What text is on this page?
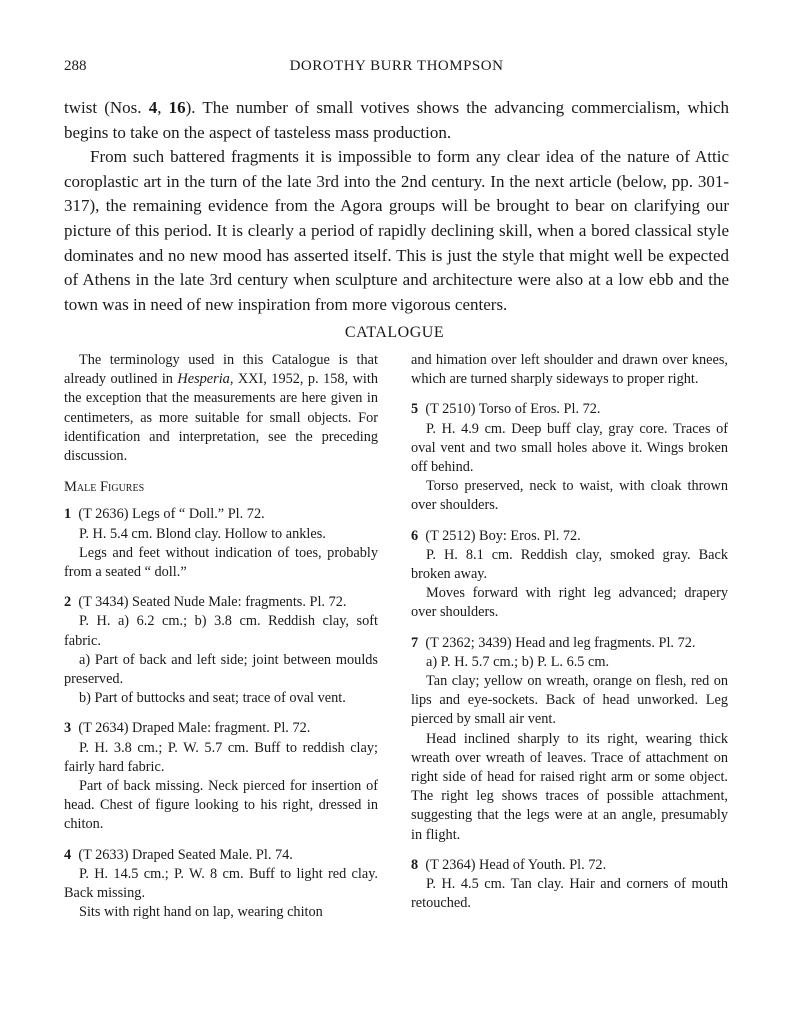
288	DOROTHY BURR THOMPSON

twist (Nos. 4, 16). The number of small votives shows the advancing commercialism, which begins to take on the aspect of tasteless mass production.

From such battered fragments it is impossible to form any clear idea of the nature of Attic coroplastic art in the turn of the late 3rd into the 2nd century. In the next article (below, pp. 301-317), the remaining evidence from the Agora groups will be brought to bear on clarifying our picture of this period. It is clearly a period of rapidly declining skill, when a bored classical style dominates and no new mood has asserted itself. This is just the style that might well be expected of Athens in the late 3rd century when sculpture and architecture were also at a low ebb and the town was in need of new inspiration from more vigorous centers.

CATALOGUE

The terminology used in this Catalogue is that already outlined in Hesperia, XXI, 1952, p. 158, with the exception that the measurements are here given in centimeters, as more suitable for small objects. For identification and interpretation, see the preceding discussion.

Male Figures

1 (T 2636) Legs of “ Doll.” Pl. 72.

P. H. 5.4 cm. Blond clay. Hollow to ankles.

Legs and feet without indication of toes, probably from a seated “ doll.”

2 (T 3434) Seated Nude Male: fragments. Pl. 72.

P. H. a) 6.2 cm.; b) 3.8 cm. Reddish clay, soft fabric.

a) Part of back and left side; joint between moulds preserved.

b) Part of buttocks and seat; trace of oval vent.

3 (T 2634) Draped Male: fragment. Pl. 72.

P. H. 3.8 cm.; P. W. 5.7 cm. Buff to reddish clay; fairly hard fabric.

Part of back missing. Neck pierced for insertion of head. Chest of figure looking to his right, dressed in chiton.

4 (T 2633) Draped Seated Male. Pl. 74.

P. H. 14.5 cm.; P. W. 8 cm. Buff to light red clay. Back missing.

Sits with right hand on lap, wearing chiton

and himation over left shoulder and drawn over knees, which are turned sharply sideways to proper right.

5 (T 2510) Torso of Eros. Pl. 72.

P. H. 4.9 cm. Deep buff clay, gray core. Traces of oval vent and two small holes above it. Wings broken off behind.

Torso preserved, neck to waist, with cloak thrown over shoulders.

6 (T 2512) Boy: Eros. Pl. 72.

P. H. 8.1 cm. Reddish clay, smoked gray. Back broken away.

Moves forward with right leg advanced; drapery over shoulders.

7 (T 2362; 3439) Head and leg fragments. Pl. 72.

a) P. H. 5.7 cm.; b) P. L. 6.5 cm.

Tan clay; yellow on wreath, orange on flesh, red on lips and eye-sockets. Back of head unworked. Leg pierced by small air vent.

Head inclined sharply to its right, wearing thick wreath over wreath of leaves. Trace of attachment on right side of head for raised right arm or some object. The right leg shows traces of possible attachment, suggesting that the legs were at an angle, presumably in flight.

8 (T 2364) Head of Youth. Pl. 72.

P. H. 4.5 cm. Tan clay. Hair and corners of mouth retouched.
